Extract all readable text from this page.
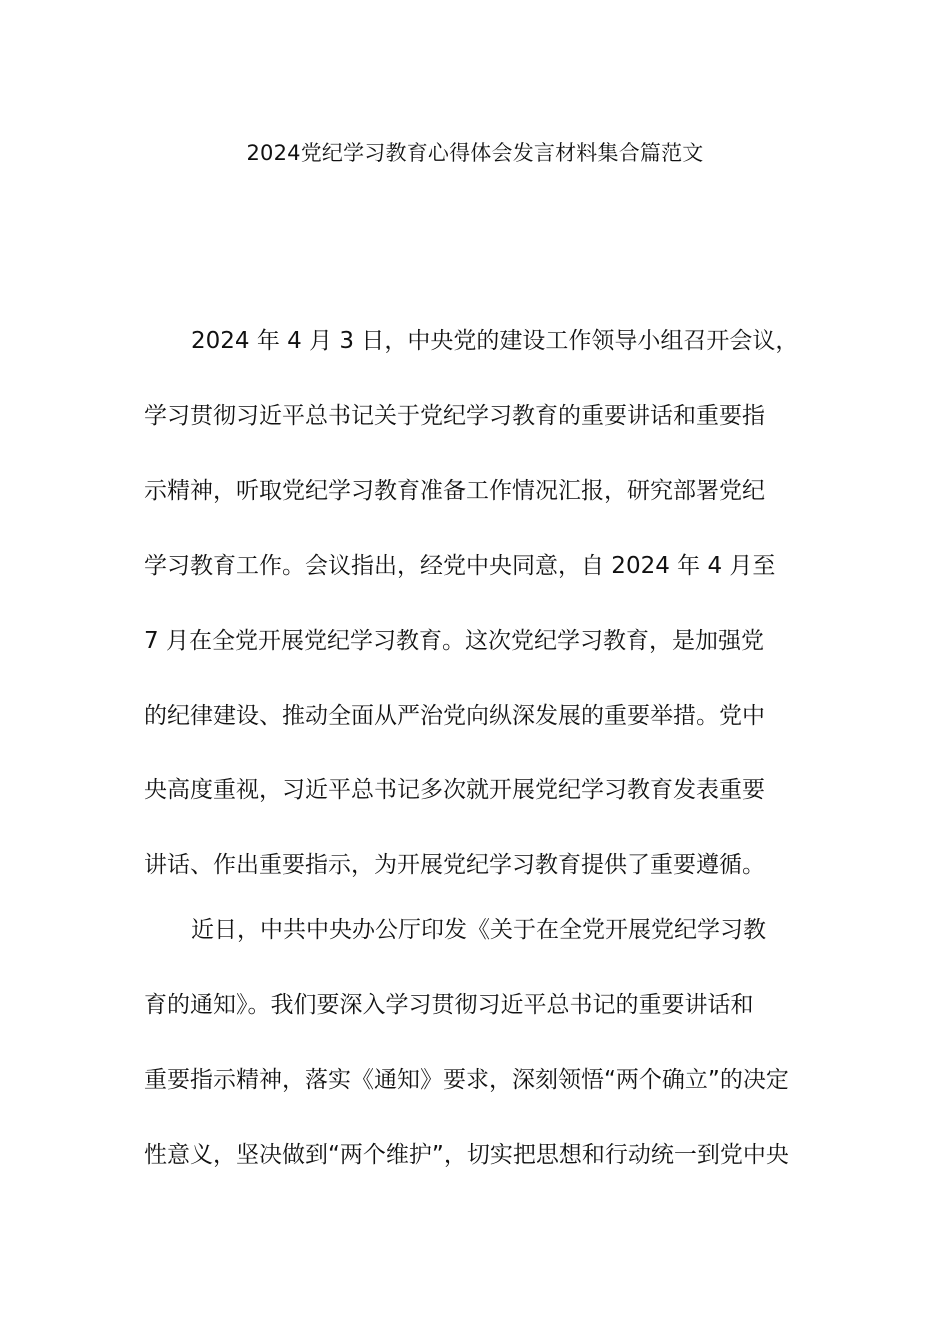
2024党纪学习教育心得体会发言材料集合篇范文

2024 年 4 月 3 日，中央党的建设工作领导小组召开会议，

学习贯彻习近平总书记关于党纪学习教育的重要讲话和重要指

示精神，听取党纪学习教育准备工作情况汇报，研究部署党纪

学习教育工作。会议指出，经党中央同意，自 2024 年 4 月至

7 月在全党开展党纪学习教育。这次党纪学习教育，是加强党

的纪律建设、推动全面从严治党向纵深发展的重要举措。党中

央高度重视，习近平总书记多次就开展党纪学习教育发表重要

讲话、作出重要指示，为开展党纪学习教育提供了重要遵循。

近日，中共中央办公厅印发《关于在全党开展党纪学习教

育的通知》。我们要深入学习贯彻习近平总书记的重要讲话和

重要指示精神，落实《通知》要求，深刻领悟“两个确立”的决定

性意义，坚决做到“两个维护”，切实把思想和行动统一到党中央
